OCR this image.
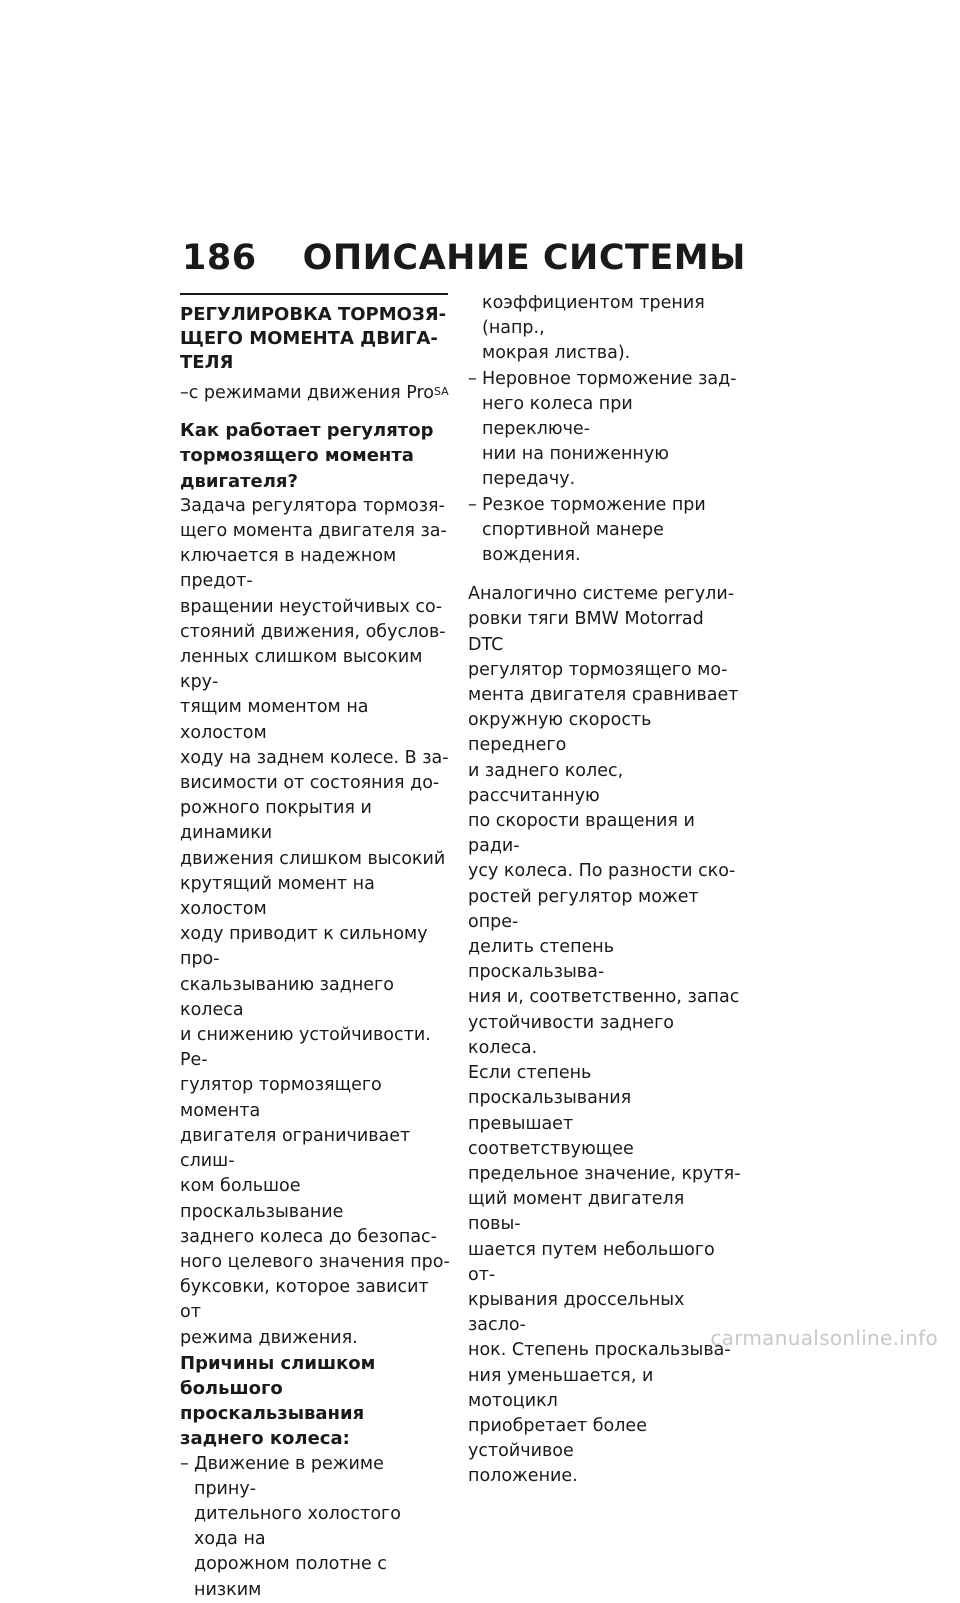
186 ОПИСАНИЕ СИСТЕМЫ
РЕГУЛИРОВКА ТОРМОЗЯ-
ЩЕГО МОМЕНТА ДВИГА-
ТЕЛЯ
–с режимами движения Pro$^{SA}$
Как работает регулятор
тормозящего момента
двигателя?
Задача регулятора тормозя-
щего момента двигателя за-
ключается в надежном предот-
вращении неустойчивых со-
стояний движения, обуслов-
ленных слишком высоким кру-
тящим моментом на холостом
ходу на заднем колесе. В за-
висимости от состояния до-
рожного покрытия и динамики
движения слишком высокий
крутящий момент на холостом
ходу приводит к сильному про-
скальзыванию заднего колеса
и снижению устойчивости. Ре-
гулятор тормозящего момента
двигателя ограничивает слиш-
ком большое проскальзывание
заднего колеса до безопас-
ного целевого значения про-
буксовки, которое зависит от
режима движения.
Причины слишком
большого проскальзывания
заднего колеса:
– Движение в режиме прину-
дительного холостого хода на
дорожном полотне с низким
коэффициентом трения (напр.,
мокрая листва).
– Неровное торможение зад-
него колеса при переключе-
нии на пониженную передачу.
– Резкое торможение при
спортивной манере вождения.
Аналогично системе регули-
ровки тяги BMW Motorrad DTC
регулятор тормозящего мо-
мента двигателя сравнивает
окружную скорость переднего
и заднего колес, рассчитанную
по скорости вращения и ради-
усу колеса. По разности ско-
ростей регулятор может опре-
делить степень проскальзыва-
ния и, соответственно, запас
устойчивости заднего колеса.
Если степень проскальзывания
превышает соответствующее
предельное значение, крутя-
щий момент двигателя повы-
шается путем небольшого от-
крывания дроссельных засло-
нок. Степень проскальзыва-
ния уменьшается, и мотоцикл
приобретает более устойчивое
положение.
carmanualsonline.info
